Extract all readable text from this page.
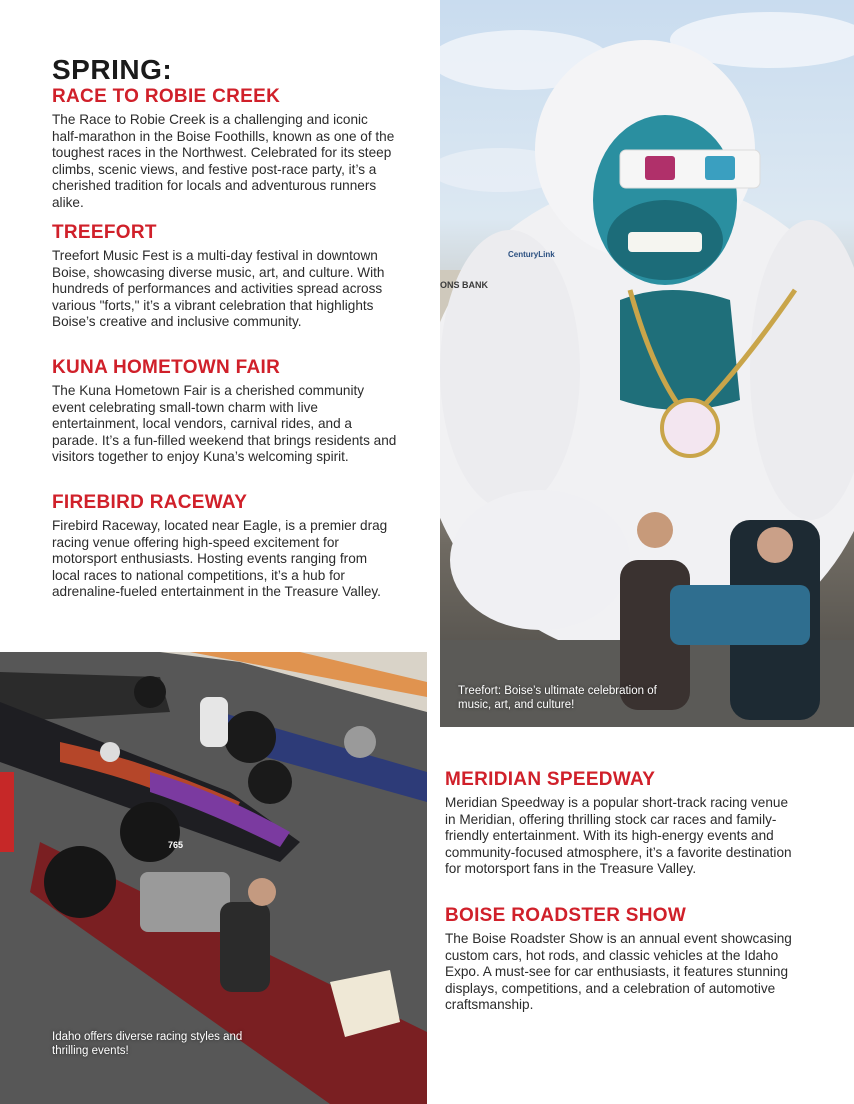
SPRING:
RACE TO ROBIE CREEK

The Race to Robie Creek is a challenging and iconic half-marathon in the Boise Foothills, known as one of the toughest races in the Northwest. Celebrated for its steep climbs, scenic views, and festive post-race party, it’s a cherished tradition for locals and adventurous runners alike.

TREEFORT

Treefort Music Fest is a multi-day festival in downtown Boise, showcasing diverse music, art, and culture. With hundreds of performances and activities spread across various "forts," it’s a vibrant celebration that highlights Boise’s creative and inclusive community.

KUNA HOMETOWN FAIR

The Kuna Hometown Fair is a cherished community event celebrating small-town charm with live entertainment, local vendors, carnival rides, and a parade. It’s a fun-filled weekend that brings residents and visitors together to enjoy Kuna’s welcoming spirit.

FIREBIRD RACEWAY

Firebird Raceway, located near Eagle, is a premier drag racing venue offering high-speed excitement for motorsport enthusiasts. Hosting events ranging from local races to national competitions, it’s a hub for adrenaline-fueled entertainment in the Treasure Valley.

CenturyLink
ONS BANK
Treefort: Boise’s ultimate celebration of music, art, and culture!
765
Idaho offers diverse racing styles and thrilling events!
MERIDIAN SPEEDWAY

Meridian Speedway is a popular short-track racing venue in Meridian, offering thrilling stock car races and family-friendly entertainment. With its high-energy events and community-focused atmosphere, it’s a favorite destination for motorsport fans in the Treasure Valley.

BOISE ROADSTER SHOW

The Boise Roadster Show is an annual event showcasing custom cars, hot rods, and classic vehicles at the Idaho Expo. A must-see for car enthusiasts, it features stunning displays, competitions, and a celebration of automotive craftsmanship.
